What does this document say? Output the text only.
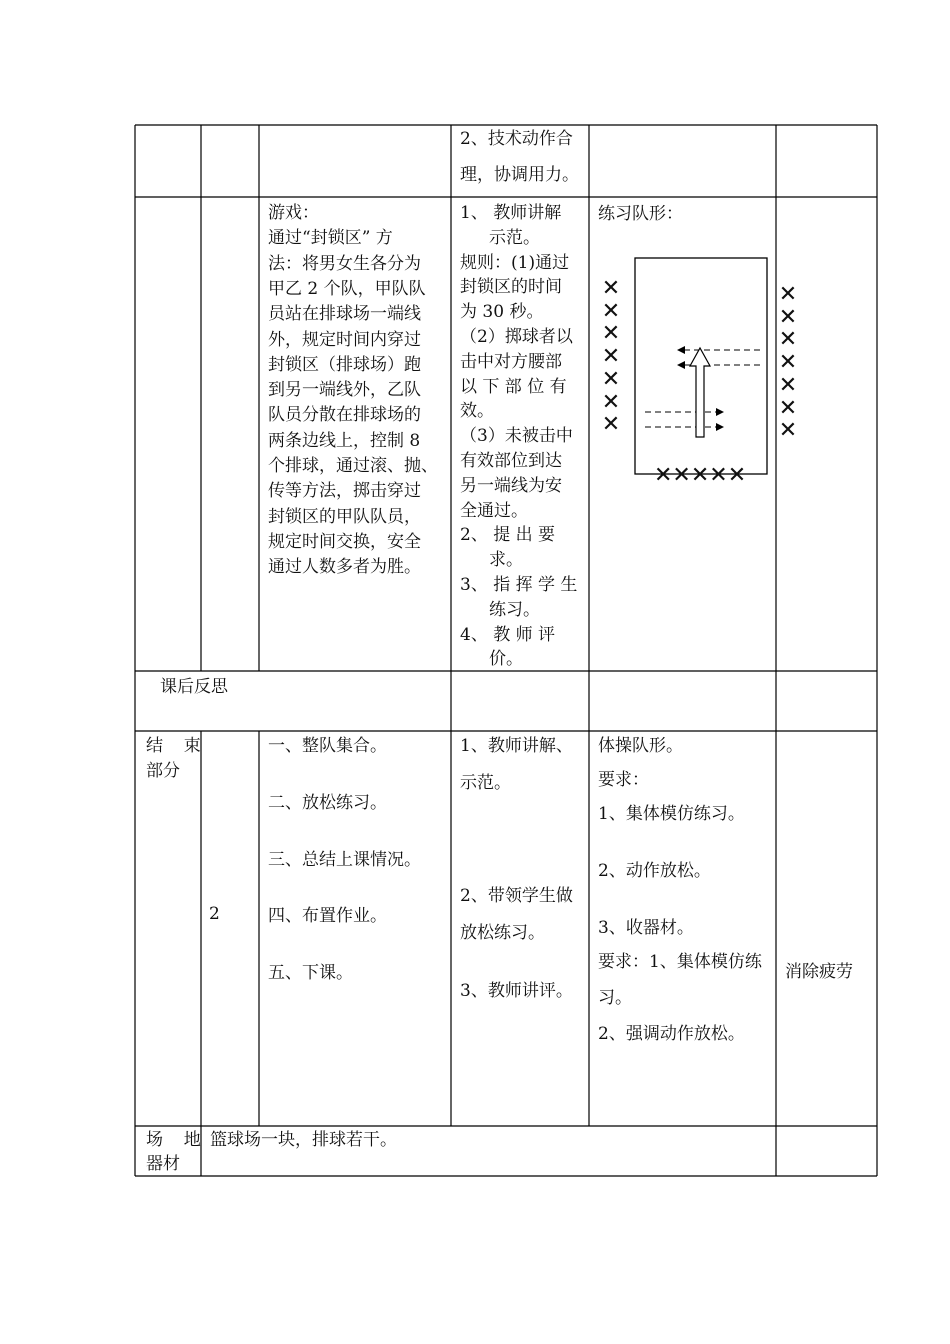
2、技术动作合
理，协调用力。
游戏：
通过“封锁区” 方
法：将男女生各分为
甲乙 2 个队，甲队队
员站在排球场一端线
外，规定时间内穿过
封锁区（排球场）跑
到另一端线外，乙队
队员分散在排球场的
两条边线上，控制 8
个排球，通过滚、抛、
传等方法，掷击穿过
封锁区的甲队队员，
规定时间交换，安全
通过人数多者为胜。
1、 教师讲解
示范。
规则：(1)通过
封锁区的时间
为 30 秒。
（2）掷球者以
击中对方腰部
以 下 部 位 有
效。
（3）未被击中
有效部位到达
另一端线为安
全通过。
2、 提 出 要
求。
3、 指 挥 学 生
练习。
4、 教 师 评
价。
练习队形：
✕✕✕✕✕✕✕
✕✕✕✕✕✕✕
✕✕✕✕✕
课后反思
结 束
部分
2
一、整队集合。
二、放松练习。
三、总结上课情况。
四、布置作业。
五、下课。
1、教师讲解、
示范。
2、带领学生做
放松练习。
3、教师讲评。
体操队形。
要求：
1、集体模仿练习。
2、动作放松。
3、收器材。
要求：1、集体模仿练
习。
2、强调动作放松。
消除疲劳
场 地
器材
篮球场一块，排球若干。
